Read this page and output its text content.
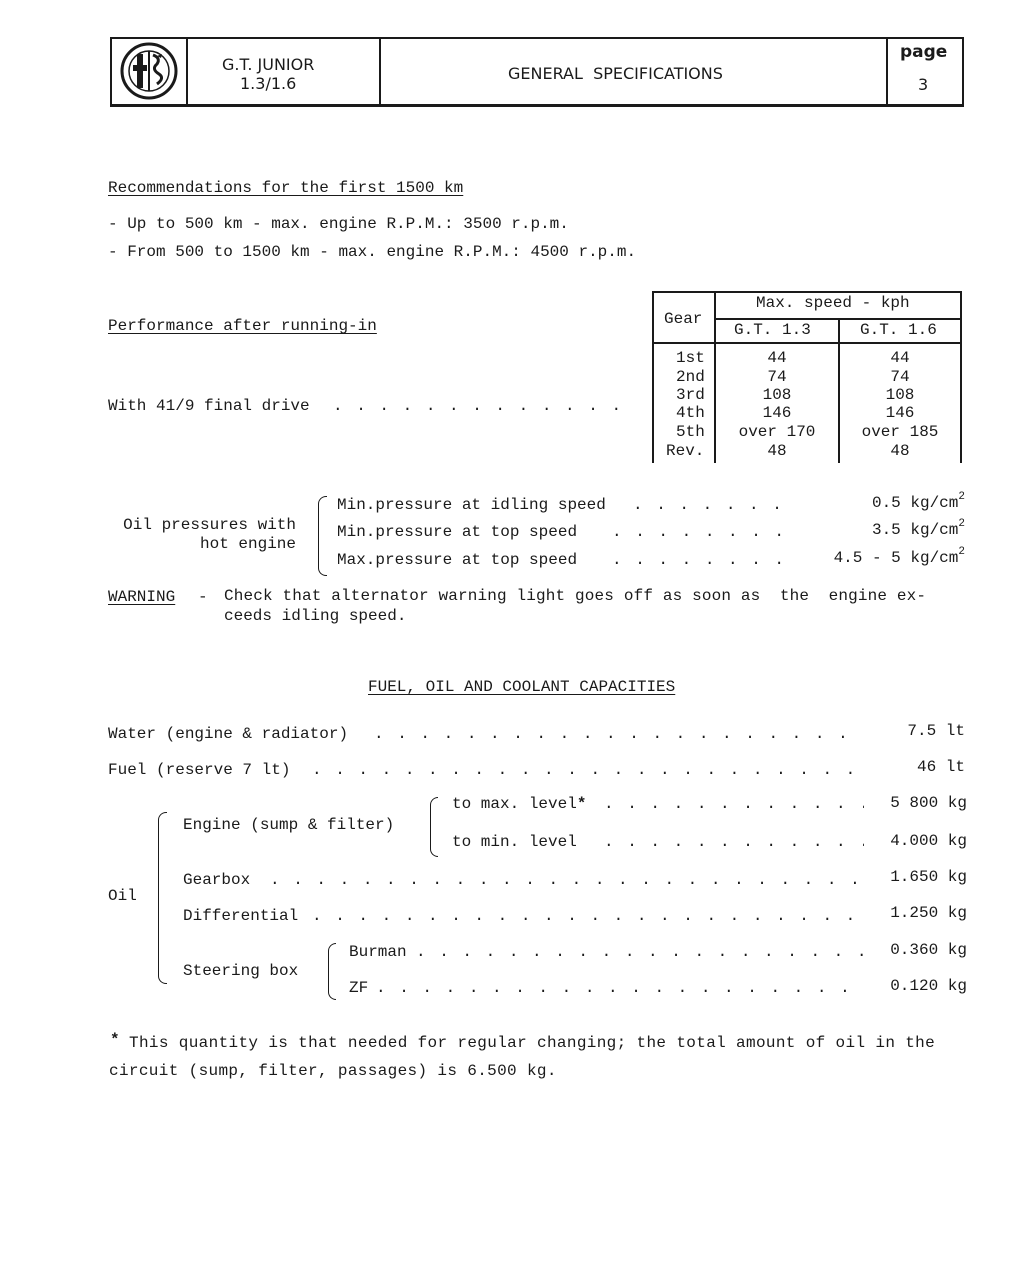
G.T. JUNIOR
1.3/1.6
GENERAL  SPECIFICATIONS
page
3
Recommendations for the first 1500 km
- Up to 500 km - max. engine R.P.M.: 3500 r.p.m.
- From 500 to 1500 km - max. engine R.P.M.: 4500 r.p.m.
Performance after running-in
With 41/9 final drive
. . .
Gear
Max. speed - kph
G.T. 1.3	G.T. 1.6
1st	44	44
2nd	74	74
3rd	108	108
4th	146	146
5th	over 170	over 185
Rev.	48	48
Oil pressures with
hot engine
Min.pressure at idling speed . . .	0.5 $kg/cm^2$
Min.pressure at top speed . . .	3.5 $kg/cm^2$
Max.pressure at top speed . . .	4.5 - 5 $kg/cm^2$
WARNING - Check that alternator warning light goes off as soon as  the  engine ex-
ceeds idling speed.
FUEL, OIL AND COOLANT CAPACITIES
Water (engine & radiator) . . .	7.5 lt
Fuel (reserve 7 lt) . . .	46 lt
Oil
Engine (sump & filter)
to max. level* . . .	5 800 kg
to min. level . . .	4.000 kg
Gearbox . . .	1.650 kg
Differential . . .	1.250 kg
Steering box
Burman . . .	0.360 kg
ZF . . .	0.120 kg
* This quantity is that needed for regular changing; the total amount of oil in the
circuit (sump, filter, passages) is 6.500 kg.
